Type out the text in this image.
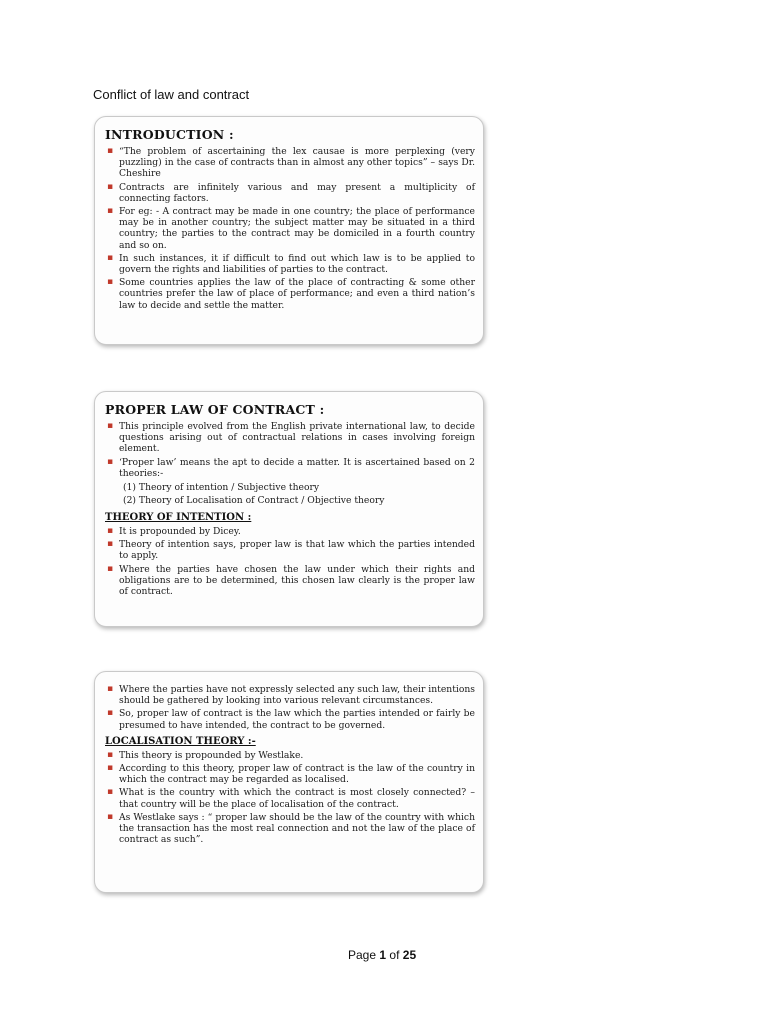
Conflict of law and contract
INTRODUCTION :
▪ “The problem of ascertaining the lex causae is more perplexing (very puzzling) in the case of contracts than in almost any other topics” – says Dr. Cheshire
▪ Contracts are infinitely various and may present a multiplicity of connecting factors.
▪ For eg: - A contract may be made in one country; the place of performance may be in another country; the subject matter may be situated in a third country; the parties to the contract may be domiciled in a fourth country and so on.
▪ In such instances, it if difficult to find out which law is to be applied to govern the rights and liabilities of parties to the contract.
▪ Some countries applies the law of the place of contracting & some other countries prefer the law of place of performance; and even a third nation’s law to decide and settle the matter.
PROPER LAW OF CONTRACT :
▪ This principle evolved from the English private international law, to decide questions arising out of contractual relations in cases involving foreign element.
▪ ‘Proper law’ means the apt to decide a matter. It is ascertained based on 2 theories:-
(1) Theory of intention / Subjective theory
(2) Theory of Localisation of Contract / Objective theory
THEORY OF INTENTION :
▪ It is propounded by Dicey.
▪ Theory of intention says, proper law is that law which the parties intended to apply.
▪ Where the parties have chosen the law under which their rights and obligations are to be determined, this chosen law clearly is the proper law of contract.
▪ Where the parties have not expressly selected any such law, their intentions should be gathered by looking into various relevant circumstances.
▪ So, proper law of contract is the law which the parties intended or fairly be presumed to have intended, the contract to be governed.
LOCALISATION THEORY :-
▪ This theory is propounded by Westlake.
▪ According to this theory, proper law of contract is the law of the country in which the contract may be regarded as localised.
▪ What is the country with which the contract is most closely connected? – that country will be the place of localisation of the contract.
▪ As Westlake says : “ proper law should be the law of the country with which the transaction has the most real connection and not the law of the place of contract as such”.
Page 1 of 25
